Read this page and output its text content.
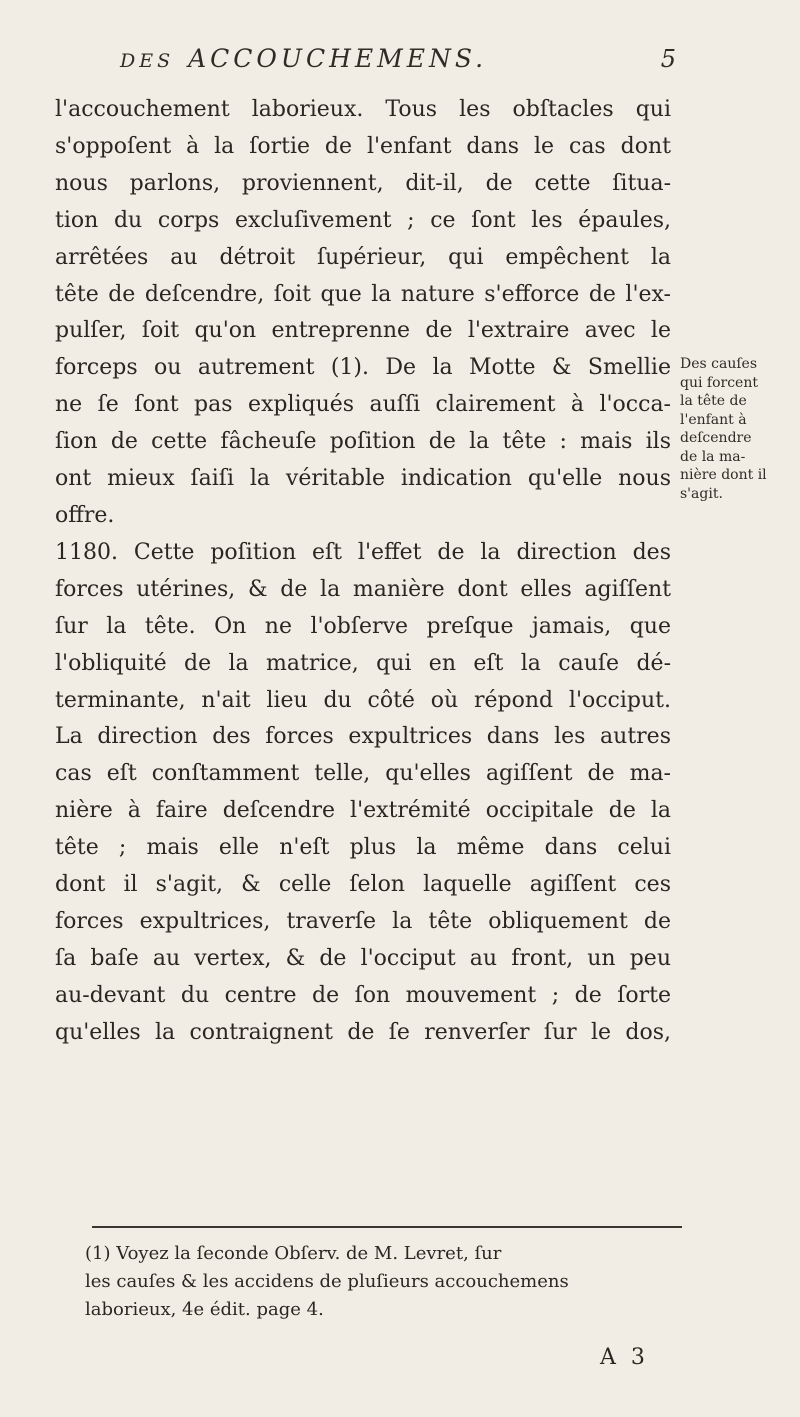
DES ACCOUCHEMENS.	5

l'accouchement laborieux. Tous les obſtacles qui
s'oppoſent à la ſortie de l'enfant dans le cas dont
nous parlons, proviennent, dit-il, de cette ſitua-
tion du corps excluſivement ; ce ſont les épaules,
arrêtées au détroit ſupérieur, qui empêchent la
tête de deſcendre, ſoit que la nature s'efforce de l'ex-
pulſer, ſoit qu'on entreprenne de l'extraire avec le
forceps ou autrement (1). De la Motte & Smellie
ne ſe ſont pas expliqués auſſi clairement à l'occa-
ſion de cette fâcheuſe poſition de la tête : mais ils
ont mieux ſaiſi la véritable indication qu'elle nous
offre.

1180. Cette poſition eſt l'effet de la direction des
forces utérines, & de la manière dont elles agiſſent
ſur la tête. On ne l'obſerve preſque jamais, que
l'obliquité de la matrice, qui en eſt la cauſe dé-
terminante, n'ait lieu du côté où répond l'occiput.
La direction des forces expultrices dans les autres
cas eſt conſtamment telle, qu'elles agiſſent de ma-
nière à faire deſcendre l'extrémité occipitale de la
tête ; mais elle n'eſt plus la même dans celui
dont il s'agit, & celle ſelon laquelle agiſſent ces
forces expultrices, traverſe la tête obliquement de
ſa baſe au vertex, & de l'occiput au front, un peu
au-devant du centre de ſon mouvement ; de ſorte
qu'elles la contraignent de ſe renverſer ſur le dos,

Des cauſes
qui forcent
la tête de
l'enfant à
deſcendre
de la ma-
nière dont il
s'agit.
(1) Voyez la ſeconde Obſerv. de M. Levret, ſur
les cauſes & les accidens de pluſieurs accouchemens
laborieux, 4e édit. page 4.
A 3
